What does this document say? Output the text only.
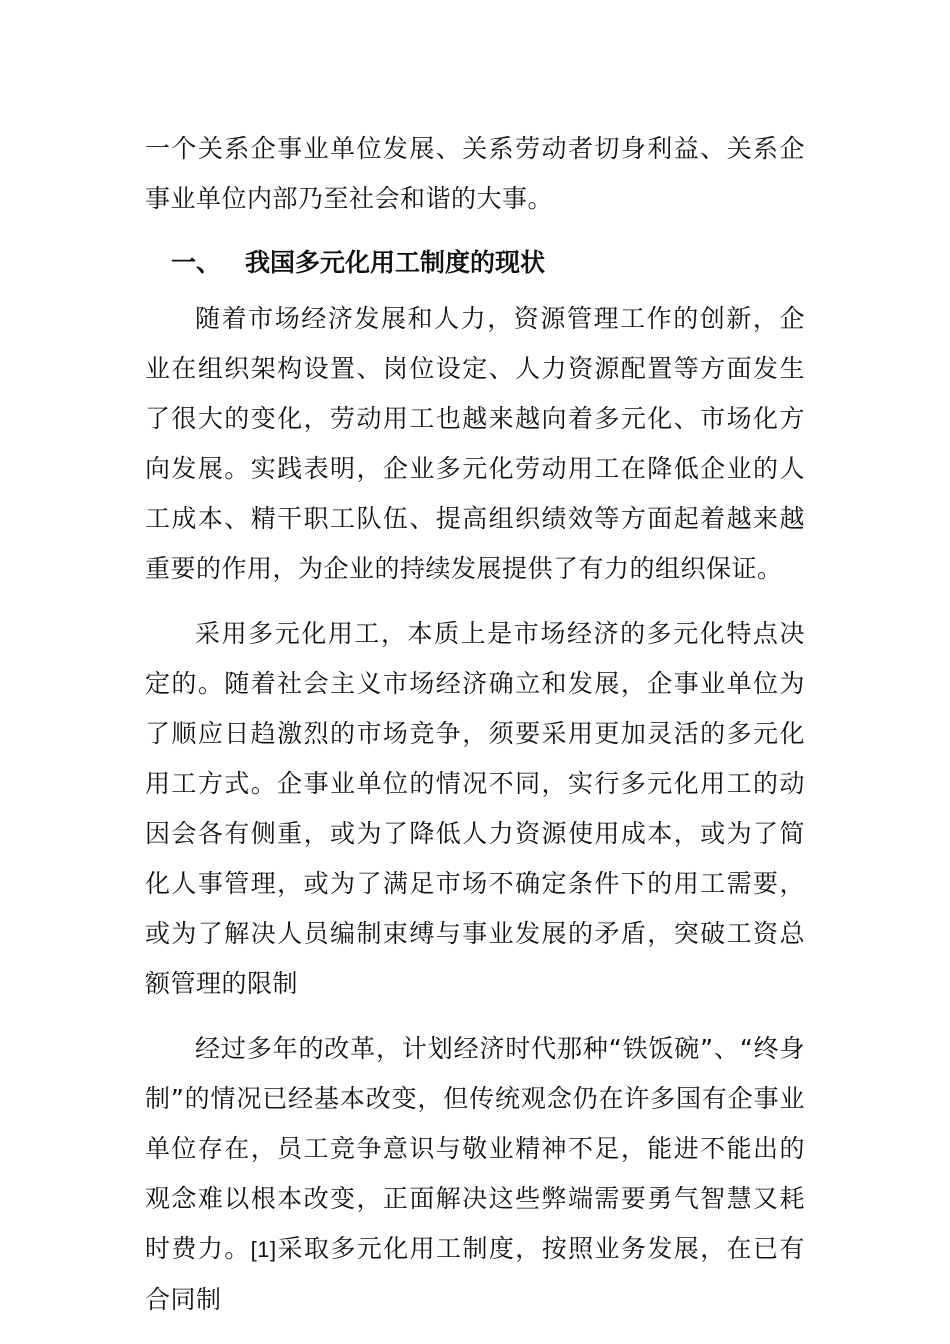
一个关系企事业单位发展、关系劳动者切身利益、关系企事业单位内部乃至社会和谐的大事。

一、 我国多元化用工制度的现状

随着市场经济发展和人力，资源管理工作的创新，企业在组织架构设置、岗位设定、人力资源配置等方面发生了很大的变化，劳动用工也越来越向着多元化、市场化方向发展。实践表明，企业多元化劳动用工在降低企业的人工成本、精干职工队伍、提高组织绩效等方面起着越来越重要的作用，为企业的持续发展提供了有力的组织保证。

采用多元化用工，本质上是市场经济的多元化特点决定的。随着社会主义市场经济确立和发展，企事业单位为了顺应日趋激烈的市场竞争，须要采用更加灵活的多元化用工方式。企事业单位的情况不同，实行多元化用工的动因会各有侧重，或为了降低人力资源使用成本，或为了简化人事管理，或为了满足市场不确定条件下的用工需要，或为了解决人员编制束缚与事业发展的矛盾，突破工资总额管理的限制

经过多年的改革，计划经济时代那种“铁饭碗”、“终身制”的情况已经基本改变，但传统观念仍在许多国有企事业单位存在，员工竞争意识与敬业精神不足，能进不能出的观念难以根本改变，正面解决这些弊端需要勇气智慧又耗时费力。[1]采取多元化用工制度，按照业务发展，在已有合同制
